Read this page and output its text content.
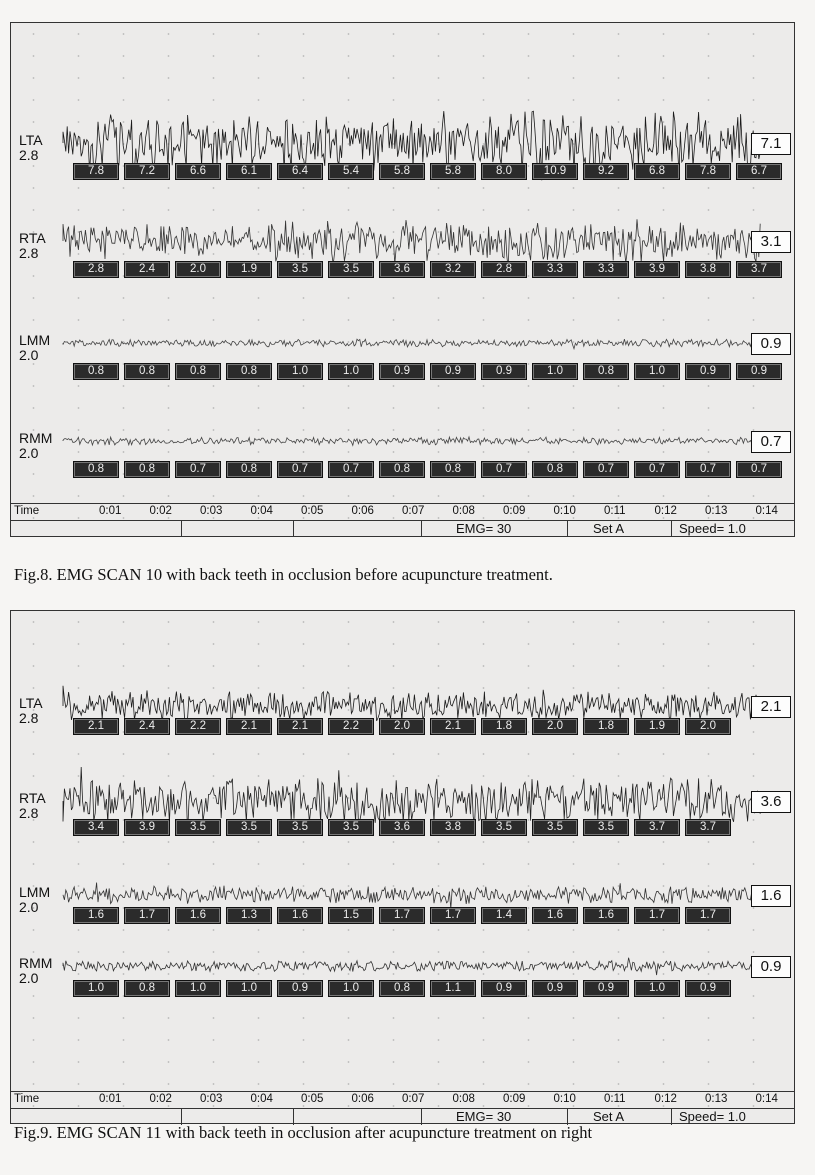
LTA
2.8
7.8	7.2	6.6	6.1	6.4	5.4	5.8	5.8	8.0	10.9	9.2	6.8	7.8	6.7
7.1
RTA
2.8
2.8	2.4	2.0	1.9	3.5	3.5	3.6	3.2	2.8	3.3	3.3	3.9	3.8	3.7
3.1
LMM
2.0
0.8	0.8	0.8	0.8	1.0	1.0	0.9	0.9	0.9	1.0	0.8	1.0	0.9	0.9
0.9
RMM
2.0
0.8	0.8	0.7	0.8	0.7	0.7	0.8	0.8	0.7	0.8	0.7	0.7	0.7	0.7
0.7
Time	0:01 0:02 0:03 0:04 0:05 0:06 0:07 0:08 0:09 0:10 0:11	0:12 0:13 0:14
EMG= 30	Set A	Speed= 1.0
Fig.8. EMG SCAN 10 with back teeth in occlusion before acupuncture treatment.
LTA
2.8	2.1	2.4	2.2	2.1	2.1	2.2	2.0	2.1	1.8	2.0	1.8	1.9	2.0
2.1
RTA
2.8
3.4	3.9	3.5	3.5	3.5	3.5	3.6	3.8	3.5	3.5	3.5	3.7	3.7
3.6
LMM
2.0	1.6	1.7	1.6	1.3	1.6	1.5	1.7	1.7	1.4	1.6	1.6	1.7	1.7
1.6
RMM
2.0
1.0	0.8	1.0	1.0	0.9	1.0	0.8	1.1	0.9	0.9	0.9	1.0	0.9
0.9
Time	0:01 0:02 0:03 0:04 0:05 0:06 0:07 0:08 0:09 0:10 0:11	0:12 0:13 0:14
EMG= 30	Set A	Speed= 1.0
Fig.9. EMG SCAN 11 with back teeth in occlusion after acupuncture treatment on right
